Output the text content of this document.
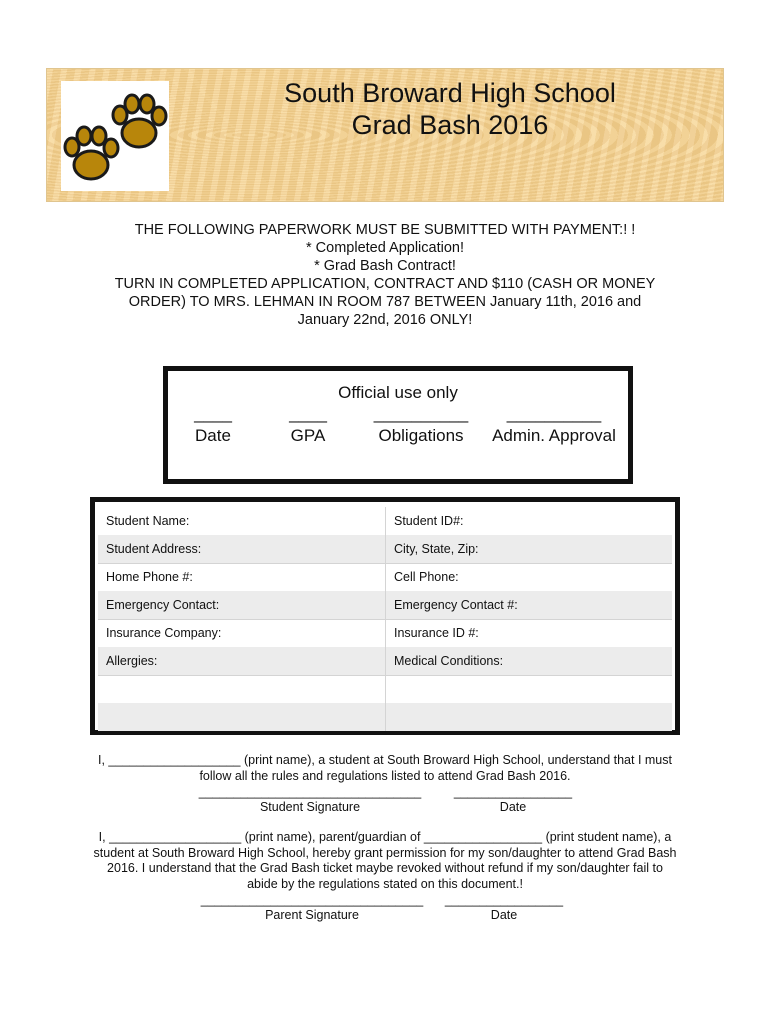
South Broward High School
Grad Bash 2016
THE FOLLOWING PAPERWORK MUST BE SUBMITTED WITH PAYMENT:! !
* Completed Application!
* Grad Bash Contract!
TURN IN COMPLETED APPLICATION, CONTRACT AND $110 (CASH OR MONEY
ORDER) TO MRS. LEHMAN IN ROOM 787 BETWEEN January 11th, 2016 and
January 22nd, 2016 ONLY!
Official use only
____
Date
____
GPA
__________
Obligations
__________
Admin. Approval
Student Name:	Student ID#:
Student Address:	City, State, Zip:
Home Phone #:	Cell Phone:
Emergency Contact:	Emergency Contact #:
Insurance Company:	Insurance ID #:
Allergies:	Medical Conditions:
I, ___________________ (print name), a student at South Broward High School, understand that I must
follow all the rules and regulations listed to attend Grad Bash 2016.
________________________________
Student Signature
_________________
Date
I, ___________________ (print name), parent/guardian of _________________ (print student name), a
student at South Broward High School, hereby grant permission for my son/daughter to attend Grad Bash
2016. I understand that the Grad Bash ticket maybe revoked without refund if my son/daughter fail to
abide by the regulations stated on this document.!
________________________________
Parent Signature
_________________
Date
